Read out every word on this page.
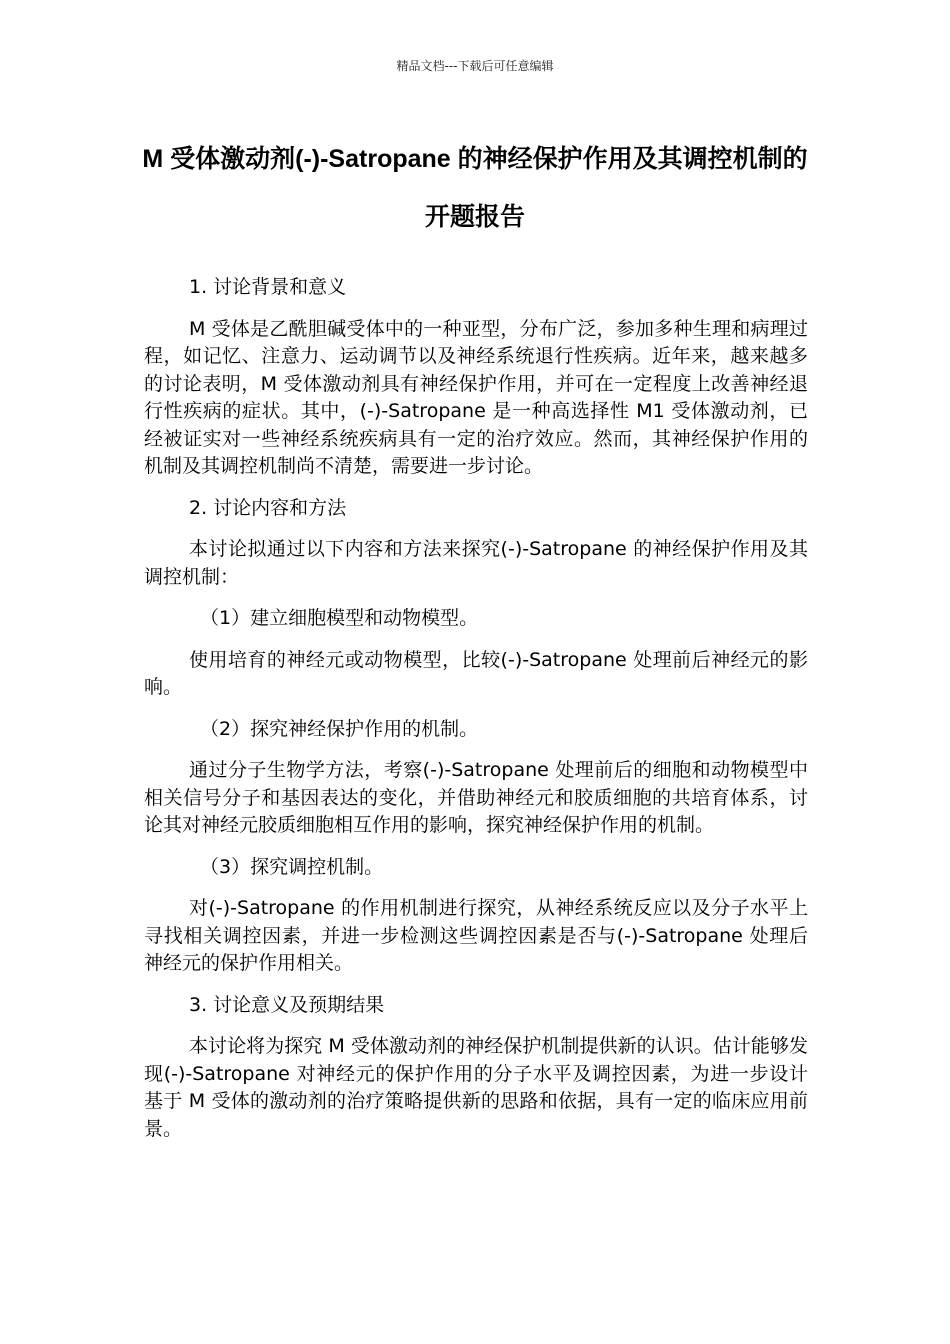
精品文档---下载后可任意编辑
M 受体激动剂(-)-Satropane 的神经保护作用及其调控机制的开题报告

1. 讨论背景和意义

M 受体是乙酰胆碱受体中的一种亚型，分布广泛，参加多种生理和病理过程，如记忆、注意力、运动调节以及神经系统退行性疾病。近年来，越来越多的讨论表明，M 受体激动剂具有神经保护作用，并可在一定程度上改善神经退行性疾病的症状。其中，(-)-Satropane 是一种高选择性 M1 受体激动剂，已经被证实对一些神经系统疾病具有一定的治疗效应。然而，其神经保护作用的机制及其调控机制尚不清楚，需要进一步讨论。

2. 讨论内容和方法

本讨论拟通过以下内容和方法来探究(-)-Satropane 的神经保护作用及其调控机制：

（1）建立细胞模型和动物模型。

使用培育的神经元或动物模型，比较(-)-Satropane 处理前后神经元的影响。

（2）探究神经保护作用的机制。

通过分子生物学方法，考察(-)-Satropane 处理前后的细胞和动物模型中相关信号分子和基因表达的变化，并借助神经元和胶质细胞的共培育体系，讨论其对神经元胶质细胞相互作用的影响，探究神经保护作用的机制。

（3）探究调控机制。

对(-)-Satropane 的作用机制进行探究，从神经系统反应以及分子水平上寻找相关调控因素，并进一步检测这些调控因素是否与(-)-Satropane 处理后神经元的保护作用相关。

3. 讨论意义及预期结果

本讨论将为探究 M 受体激动剂的神经保护机制提供新的认识。估计能够发现(-)-Satropane 对神经元的保护作用的分子水平及调控因素，为进一步设计基于 M 受体的激动剂的治疗策略提供新的思路和依据，具有一定的临床应用前景。
